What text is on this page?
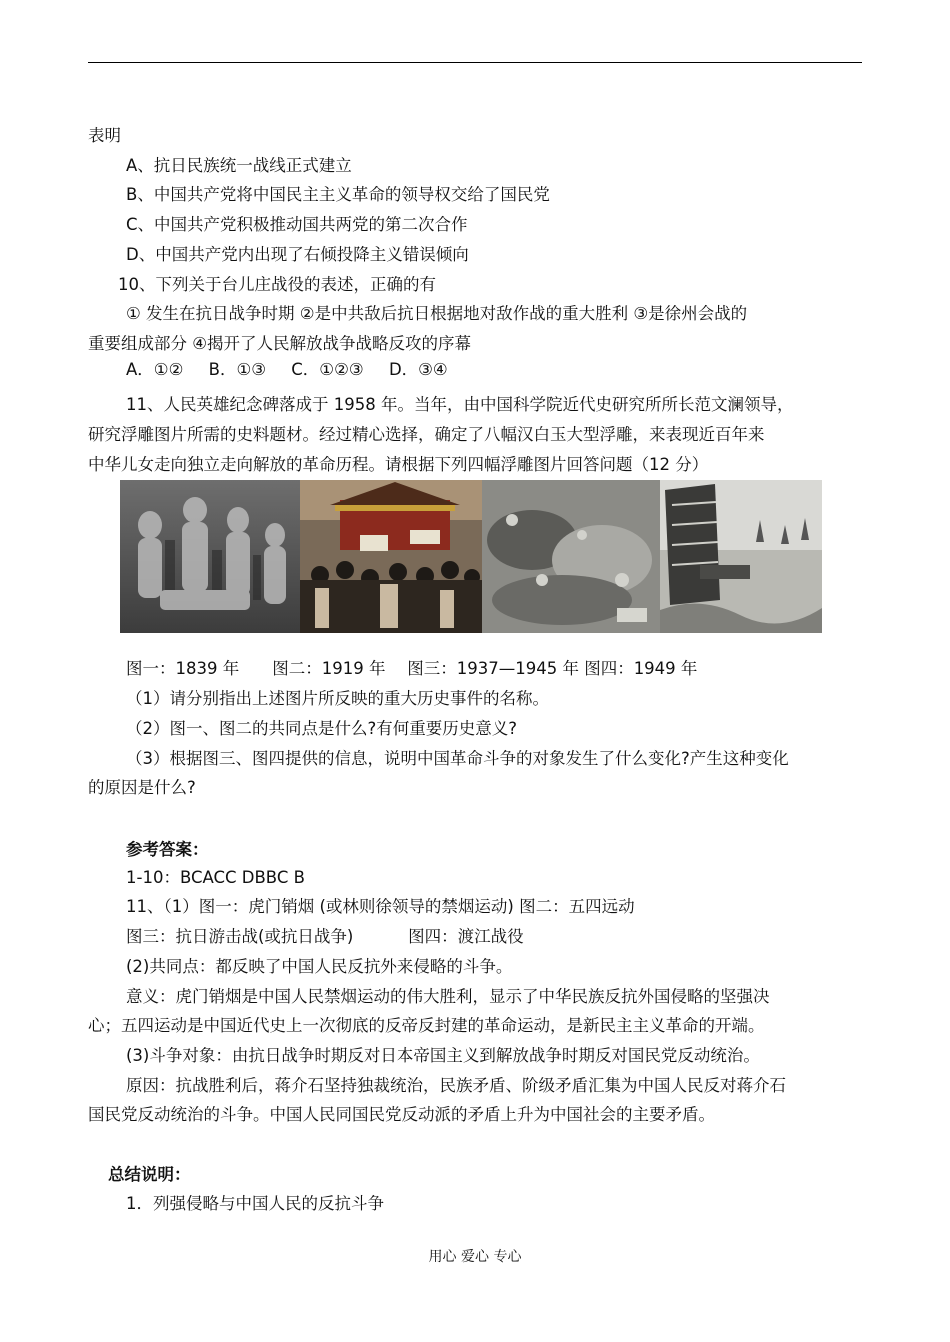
表明
A、抗日民族统一战线正式建立
B、中国共产党将中国民主主义革命的领导权交给了国民党
C、中国共产党积极推动国共两党的第二次合作
D、中国共产党内出现了右倾投降主义错误倾向
10、下列关于台儿庄战役的表述，正确的有
① 发生在抗日战争时期 ②是中共敌后抗日根据地对敌作战的重大胜利 ③是徐州会战的
重要组成部分 ④揭开了人民解放战争战略反攻的序幕
A．①② B．①③ C．①②③ D．③④
11、人民英雄纪念碑落成于 1958 年。当年，由中国科学院近代史研究所所长范文澜领导，
研究浮雕图片所需的史料题材。经过精心选择，确定了八幅汉白玉大型浮雕，来表现近百年来
中华儿女走向独立走向解放的革命历程。请根据下列四幅浮雕图片回答问题（12 分）
图一：1839 年　　图二：1919 年　 图三：1937—1945 年 图四：1949 年
（1）请分别指出上述图片所反映的重大历史事件的名称。
（2）图一、图二的共同点是什么?有何重要历史意义?
（3）根据图三、图四提供的信息，说明中国革命斗争的对象发生了什么变化?产生这种变化
的原因是什么?
参考答案：
1-10：BCACC DBBC B
11、（1）图一：虎门销烟 (或林则徐领导的禁烟运动) 图二：五四远动
图三：抗日游击战(或抗日战争)　　　 图四：渡江战役
(2)共同点：都反映了中国人民反抗外来侵略的斗争。
意义：虎门销烟是中国人民禁烟运动的伟大胜利，显示了中华民族反抗外国侵略的坚强决
心；五四运动是中国近代史上一次彻底的反帝反封建的革命运动，是新民主主义革命的开端。
(3)斗争对象：由抗日战争时期反对日本帝国主义到解放战争时期反对国民党反动统治。
原因：抗战胜利后，蒋介石坚持独裁统治，民族矛盾、阶级矛盾汇集为中国人民反对蒋介石
国民党反动统治的斗争。中国人民同国民党反动派的矛盾上升为中国社会的主要矛盾。
总结说明：
1．列强侵略与中国人民的反抗斗争
用心 爱心 专心
